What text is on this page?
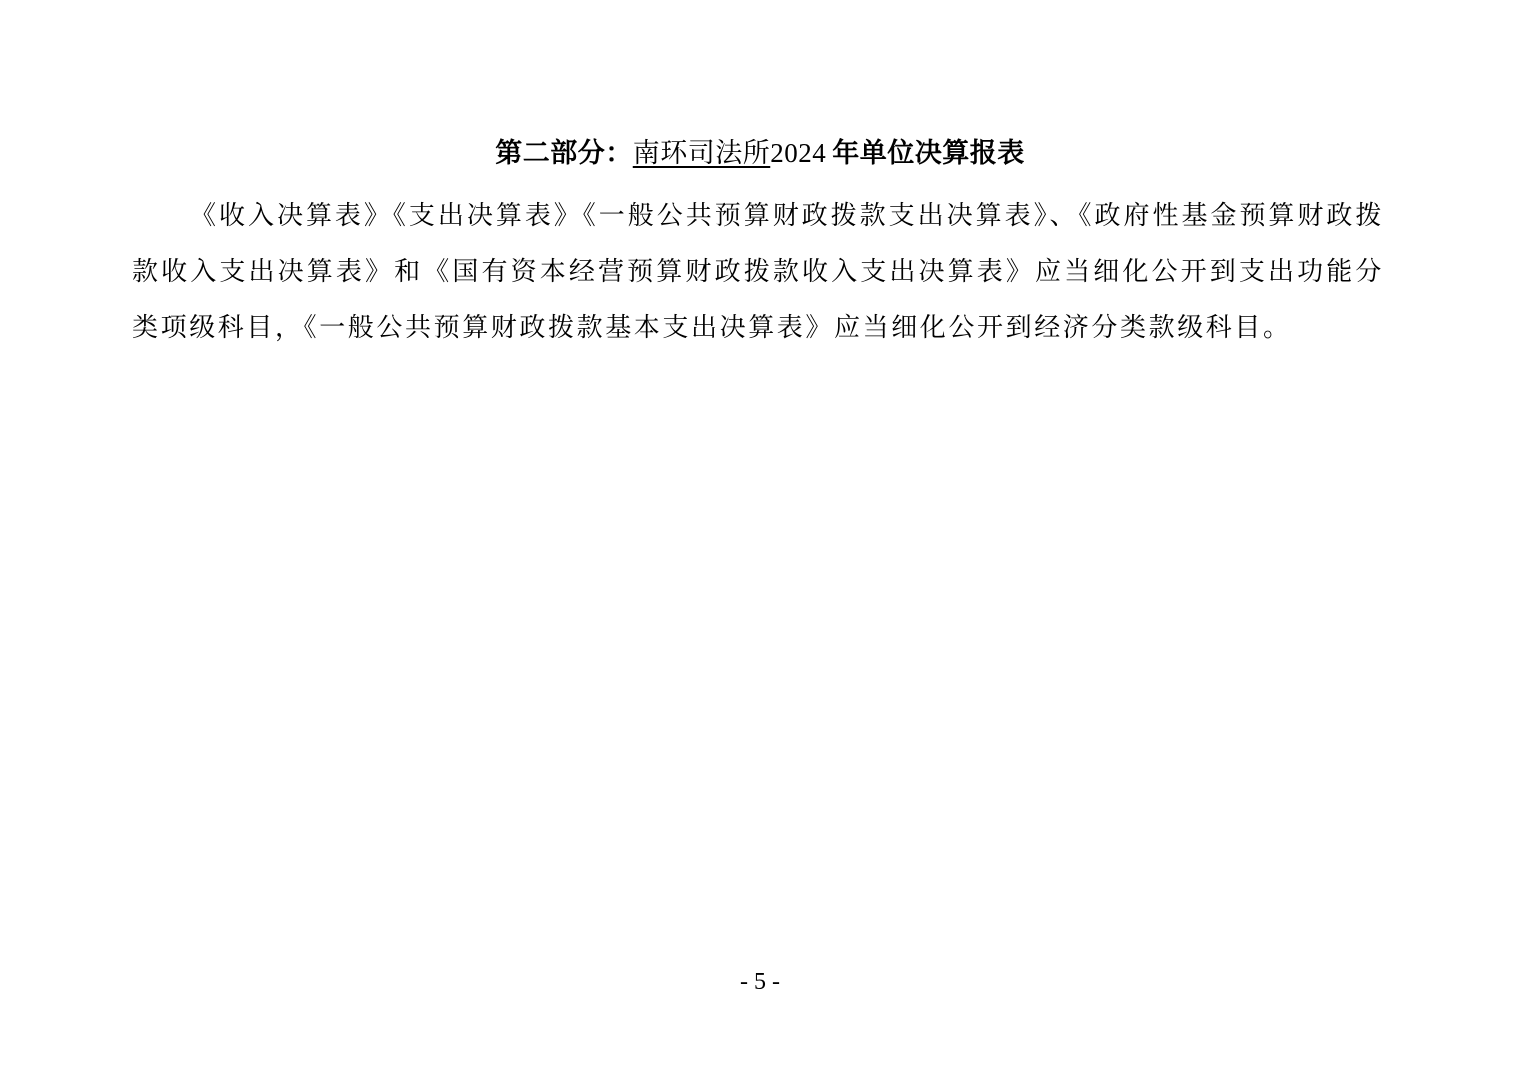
第二部分：南环司法所2024 年单位决算报表

《收入决算表》《支出决算表》《一般公共预算财政拨款支出决算表》、《政府性基金预算财政拨款收入支出决算表》和《国有资本经营预算财政拨款收入支出决算表》应当细化公开到支出功能分类项级科目，《一般公共预算财政拨款基本支出决算表》应当细化公开到经济分类款级科目。

- 5 -
